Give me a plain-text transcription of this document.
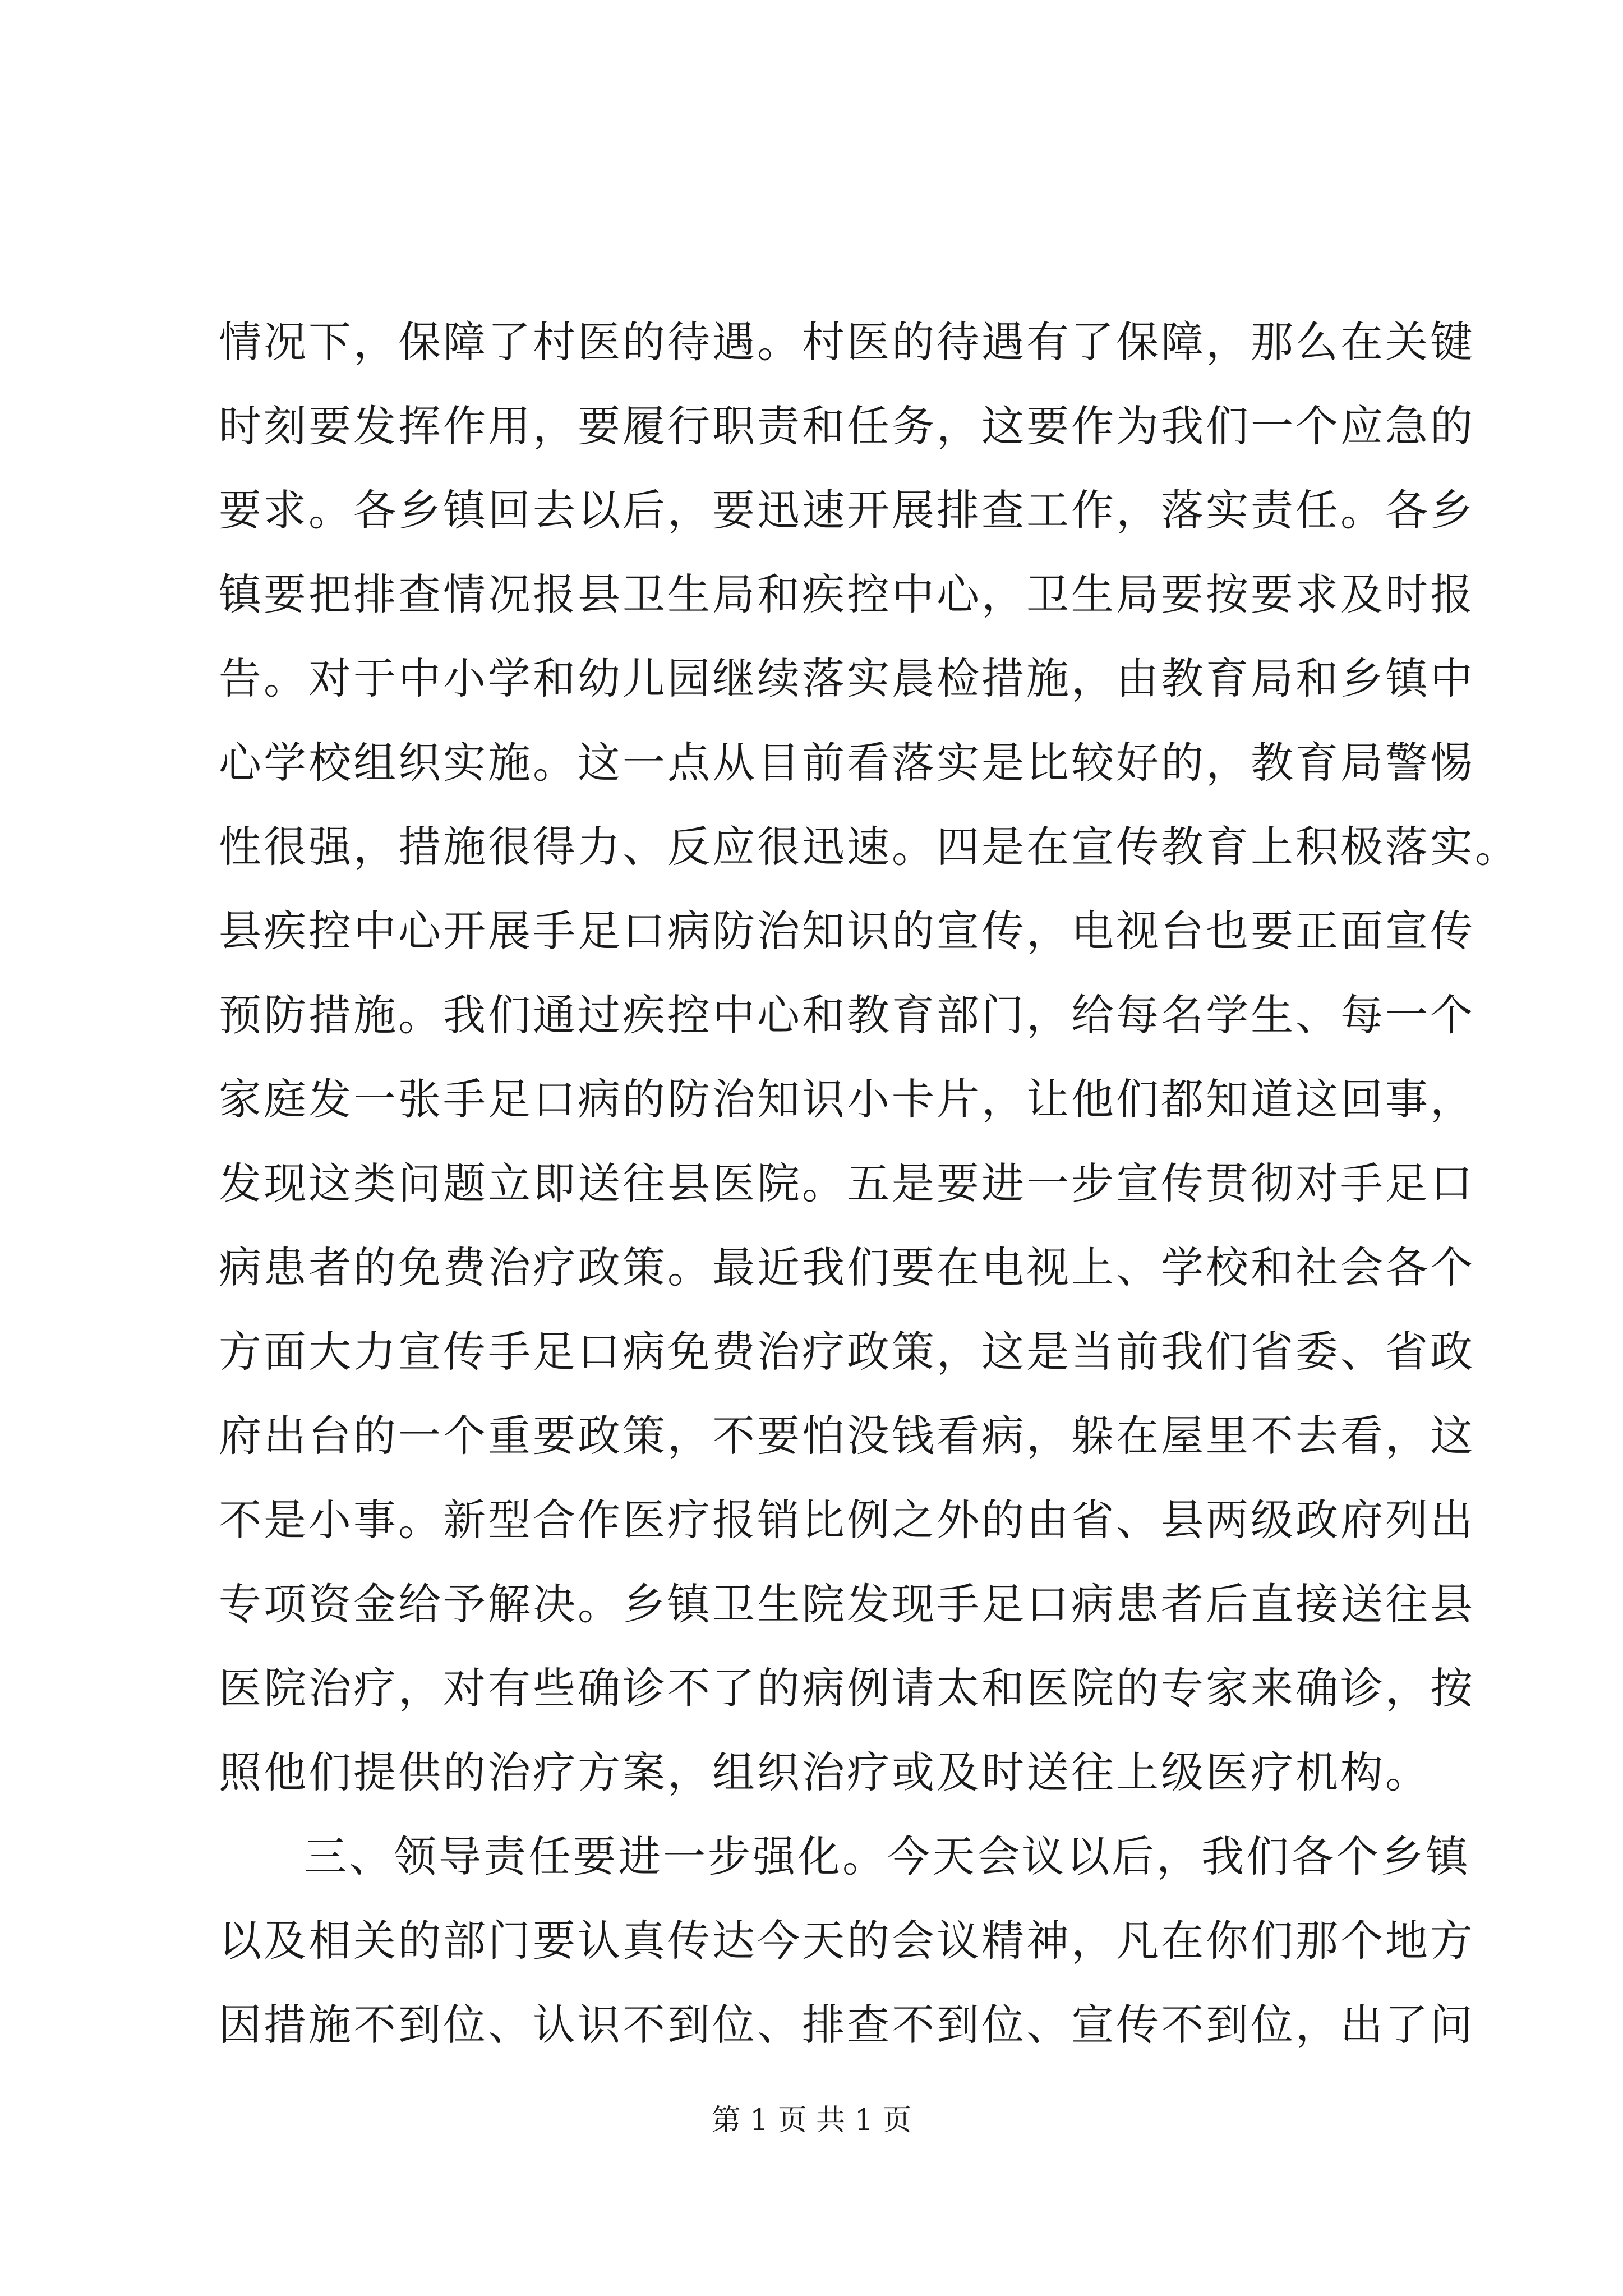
情况下，保障了村医的待遇。村医的待遇有了保障，那么在关键
时刻要发挥作用，要履行职责和任务，这要作为我们一个应急的
要求。各乡镇回去以后，要迅速开展排查工作，落实责任。各乡
镇要把排查情况报县卫生局和疾控中心，卫生局要按要求及时报
告。对于中小学和幼儿园继续落实晨检措施，由教育局和乡镇中
心学校组织实施。这一点从目前看落实是比较好的，教育局警惕
性很强，措施很得力、反应很迅速。四是在宣传教育上积极落实。
县疾控中心开展手足口病防治知识的宣传，电视台也要正面宣传
预防措施。我们通过疾控中心和教育部门，给每名学生、每一个
家庭发一张手足口病的防治知识小卡片，让他们都知道这回事，
发现这类问题立即送往县医院。五是要进一步宣传贯彻对手足口
病患者的免费治疗政策。最近我们要在电视上、学校和社会各个
方面大力宣传手足口病免费治疗政策，这是当前我们省委、省政
府出台的一个重要政策，不要怕没钱看病，躲在屋里不去看，这
不是小事。新型合作医疗报销比例之外的由省、县两级政府列出
专项资金给予解决。乡镇卫生院发现手足口病患者后直接送往县
医院治疗，对有些确诊不了的病例请太和医院的专家来确诊，按
照他们提供的治疗方案，组织治疗或及时送往上级医疗机构。
三、领导责任要进一步强化。今天会议以后，我们各个乡镇
以及相关的部门要认真传达今天的会议精神，凡在你们那个地方
因措施不到位、认识不到位、排查不到位、宣传不到位，出了问
第 1 页 共 1 页
